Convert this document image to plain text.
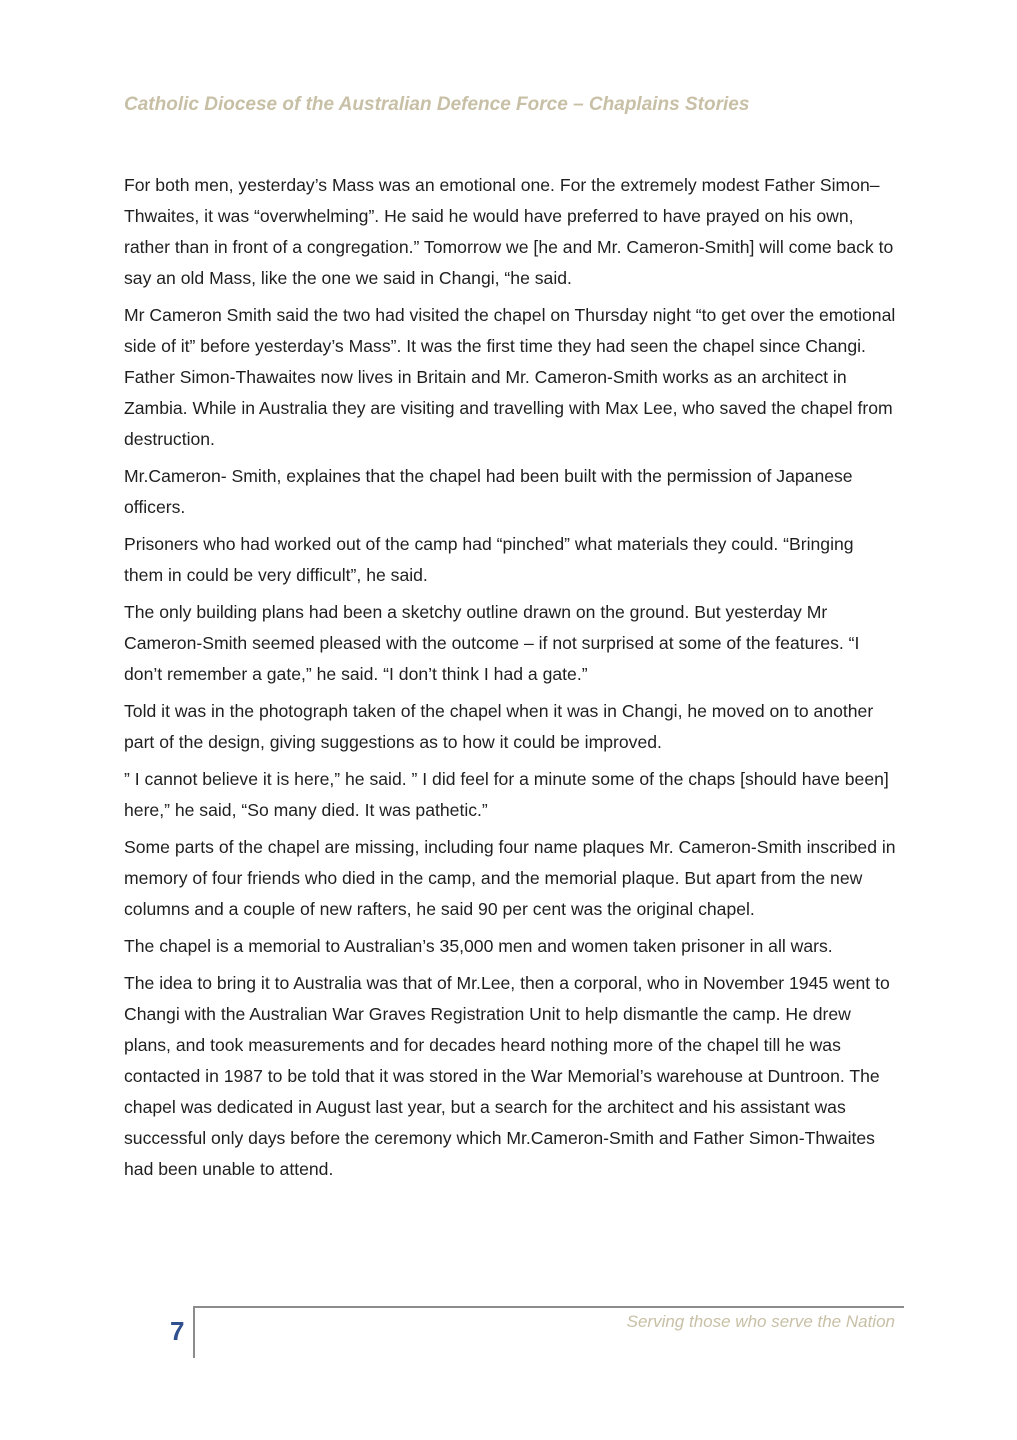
Catholic Diocese of the Australian Defence Force – Chaplains Stories

For both men, yesterday’s Mass was an emotional one. For the extremely modest Father Simon–Thwaites, it was “overwhelming”. He said he would have preferred to have prayed on his own, rather than in front of a congregation.” Tomorrow we [he and Mr. Cameron-Smith] will come back to say an old Mass, like the one we said in Changi, “he said.

Mr Cameron Smith said the two had visited the chapel on Thursday night “to get over the emotional side of it” before yesterday’s Mass”. It was the first time they had seen the chapel since Changi.

Father Simon-Thawaites now lives in Britain and Mr. Cameron-Smith works as an architect in Zambia. While in Australia they are visiting and travelling with Max Lee, who saved the chapel from destruction.

Mr.Cameron- Smith, explaines that the chapel had been built with the permission of Japanese officers.

Prisoners who had worked out of the camp had “pinched” what materials they could. “Bringing them in could be very difficult”, he said.

The only building plans had been a sketchy outline drawn on the ground. But yesterday Mr Cameron-Smith seemed pleased with the outcome – if not surprised at some of the features. “I don’t remember a gate,” he said. “I don’t think I had a gate.”

Told it was in the photograph taken of the chapel when it was in Changi, he moved on to another part of the design, giving suggestions as to how it could be improved.

” I cannot believe it is here,” he said. ” I did feel for a minute some of the chaps [should have been] here,” he said, “So many died. It was pathetic.”

Some parts of the chapel are missing, including four name plaques Mr. Cameron-Smith inscribed in memory of four friends who died in the camp, and the memorial plaque. But apart from the new columns and a couple of new rafters, he said 90 per cent was the original chapel.

The chapel is a memorial to Australian’s 35,000 men and women taken prisoner in all wars.

The idea to bring it to Australia was that of Mr.Lee, then a corporal, who in November 1945 went to Changi with the Australian War Graves Registration Unit to help dismantle the camp. He drew plans, and took measurements and for decades heard nothing more of the chapel till he was contacted in 1987 to be told that it was stored in the War Memorial’s warehouse at Duntroon. The chapel was dedicated in August last year, but a search for the architect and his assistant was successful only days before the ceremony which Mr.Cameron-Smith and Father Simon-Thwaites had been unable to attend.

7	Serving those who serve the Nation
